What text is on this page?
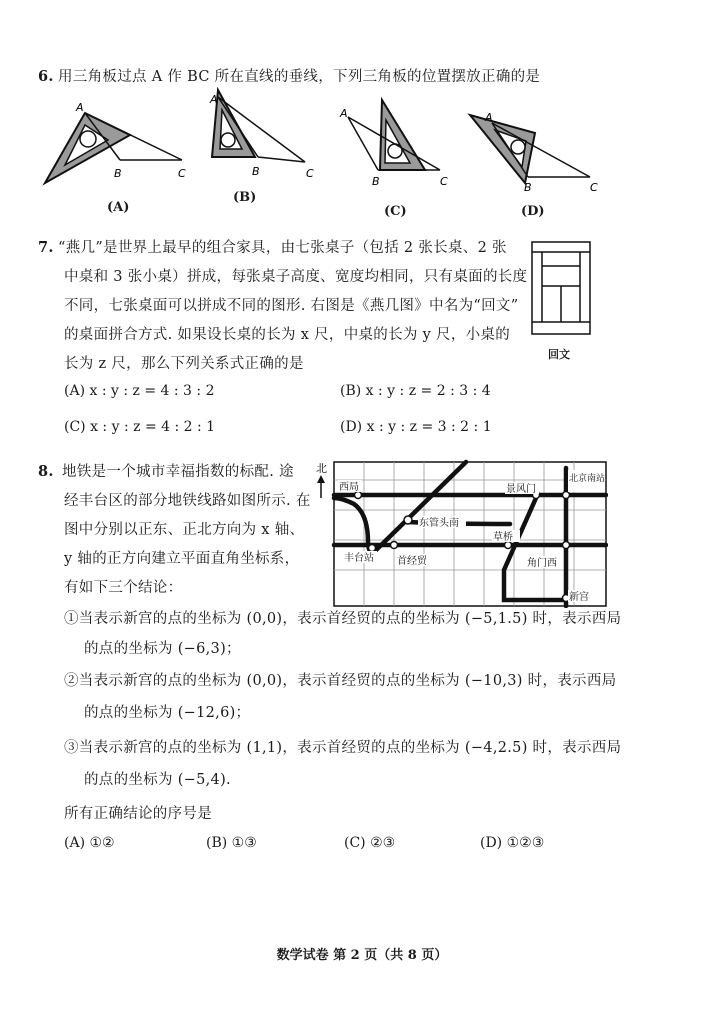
6. 用三角板过点 A 作 BC 所在直线的垂线，下列三角板的位置摆放正确的是
A
B	C
A
B	C
A
B	C
A
B	C
(A)
(B)
(C)	(D)
7. “燕几”是世界上最早的组合家具，由七张桌子（包括 2 张长桌、2 张
中桌和 3 张小桌）拼成，每张桌子高度、宽度均相同，只有桌面的长度
不同，七张桌面可以拼成不同的图形. 右图是《燕几图》中名为“回文”
的桌面拼合方式. 如果设长桌的长为 x 尺，中桌的长为 y 尺，小桌的
长为 z 尺，那么下列关系式正确的是
回文
(A) x : y : z = 4 : 3 : 2	(B) x : y : z = 2 : 3 : 4
(C) x : y : z = 4 : 2 : 1	(D) x : y : z = 3 : 2 : 1
8. 地铁是一个城市幸福指数的标配. 途
经丰台区的部分地铁线路如图所示. 在
图中分别以正东、正北方向为 x 轴、
y 轴的正方向建立平面直角坐标系，
有如下三个结论：
北
西局	景风门
北京南站
东管头南
草桥
丰台站 首经贸	角门西
新宫
①当表示新宫的点的坐标为 (0,0)，表示首经贸的点的坐标为 (−5,1.5) 时，表示西局
的点的坐标为 (−6,3)；
②当表示新宫的点的坐标为 (0,0)，表示首经贸的点的坐标为 (−10,3) 时，表示西局
的点的坐标为 (−12,6)；
③当表示新宫的点的坐标为 (1,1)，表示首经贸的点的坐标为 (−4,2.5) 时，表示西局
的点的坐标为 (−5,4).
所有正确结论的序号是
(A) ①②	(B) ①③	(C) ②③	(D) ①②③
数学试卷 第 2 页（共 8 页）
